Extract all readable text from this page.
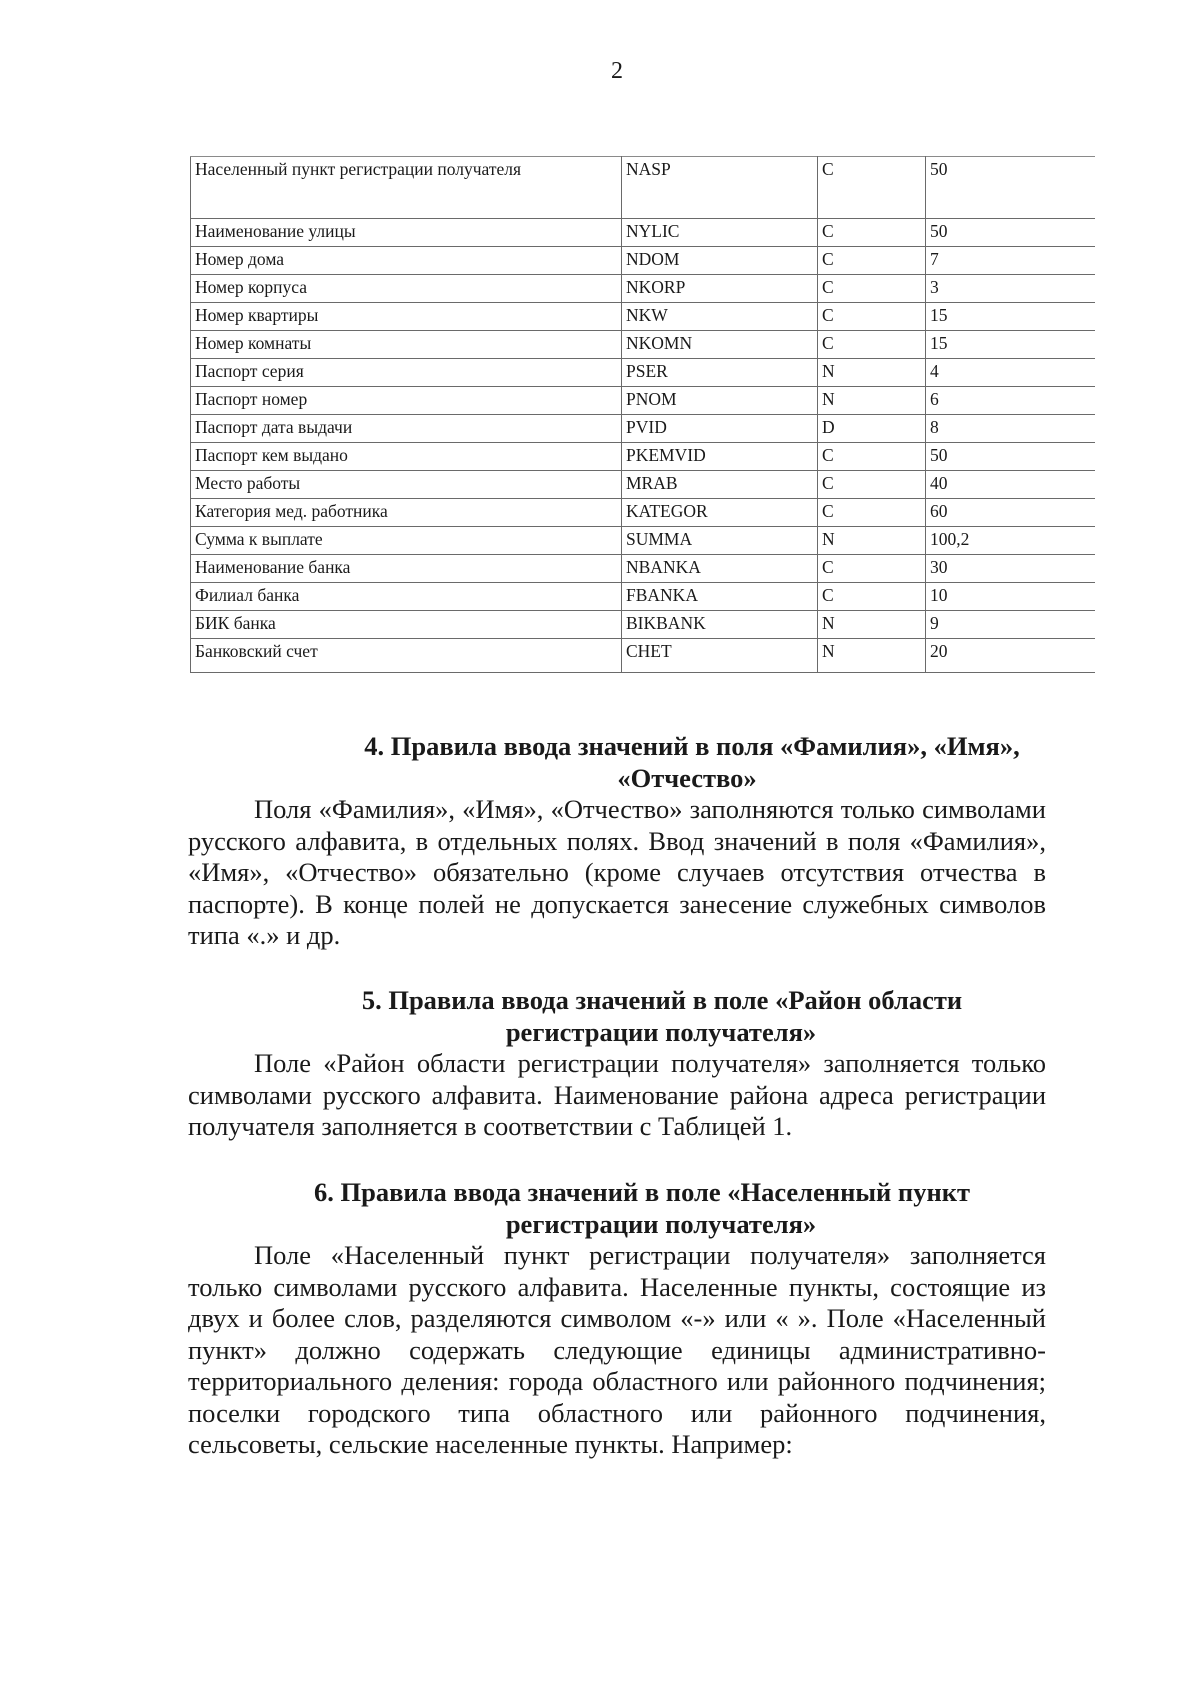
2
Населенный пункт регистрации получателя	NASP	C	50
Наименование улицы	NYLIC	C	50
Номер дома	NDOM	C	7
Номер корпуса	NKORP	C	3
Номер квартиры	NKW	C	15
Номер комнаты	NKOMN	C	15
Паспорт серия	PSER	N	4
Паспорт номер	PNOM	N	6
Паспорт дата выдачи	PVID	D	8
Паспорт кем выдано	PKEMVID	C	50
Место работы	MRAB	C	40
Категория мед. работника	KATEGOR	C	60
Сумма к выплате	SUMMA	N	100,2
Наименование банка	NBANKA	C	30
Филиал банка	FBANKA	C	10
БИК банка	BIKBANK	N	9
Банковский счет	CHET	N	20
4. Правила ввода значений в поля «Фамилия», «Имя»,
«Отчество»

Поля «Фамилия», «Имя», «Отчество» заполняются только символами русского алфавита, в отдельных полях. Ввод значений в поля «Фамилия», «Имя», «Отчество» обязательно (кроме случаев отсутствия отчества в паспорте). В конце полей не допускается занесение служебных символов типа «.» и др.

5. Правила ввода значений в поле «Район области
регистрации получателя»

Поле «Район области регистрации получателя» заполняется только символами русского алфавита. Наименование района адреса регистрации получателя заполняется в соответствии с Таблицей 1.

6. Правила ввода значений в поле «Населенный пункт
регистрации получателя»

Поле «Населенный пункт регистрации получателя» заполняется только символами русского алфавита. Населенные пункты, состоящие из двух и более слов, разделяются символом «-» или « ». Поле «Населенный пункт» должно содержать следующие единицы административно-территориального деления: города областного или районного подчинения; поселки городского типа областного или районного подчинения, сельсоветы, сельские населенные пункты. Например:
